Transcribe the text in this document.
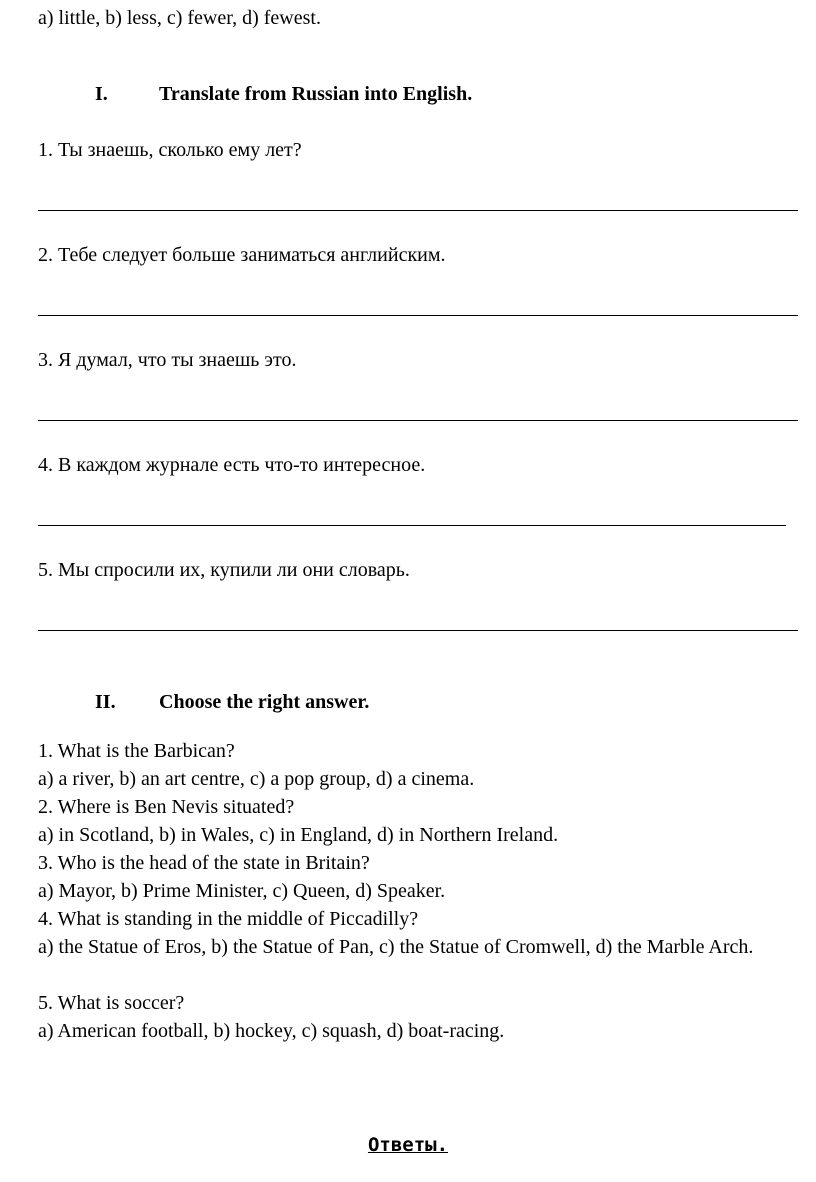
a) little, b) less, c) fewer, d) fewest.
I.	Translate from Russian into English.
1. Ты знаешь, сколько ему лет?
2. Тебе следует больше заниматься английским.
3. Я думал, что ты знаешь это.
4. В каждом журнале есть что-то интересное.
5. Мы спросили их, купили ли они словарь.
II. Choose the right answer.
1. What is the Barbican?
a) a river, b) an art centre, c) a pop group, d) a cinema.
2. Where is Ben Nevis situated?
a) in Scotland, b) in Wales, c) in England, d) in Northern Ireland.
3. Who is the head of the state in Britain?
a) Mayor, b) Prime Minister, c) Queen, d) Speaker.
4. What is standing in the middle of Piccadilly?
a) the Statue of Eros, b) the Statue of Pan, c) the Statue of Cromwell, d) the Marble Arch.
5. What is soccer?
a) American football, b) hockey, c) squash, d) boat-racing.
Ответы.
